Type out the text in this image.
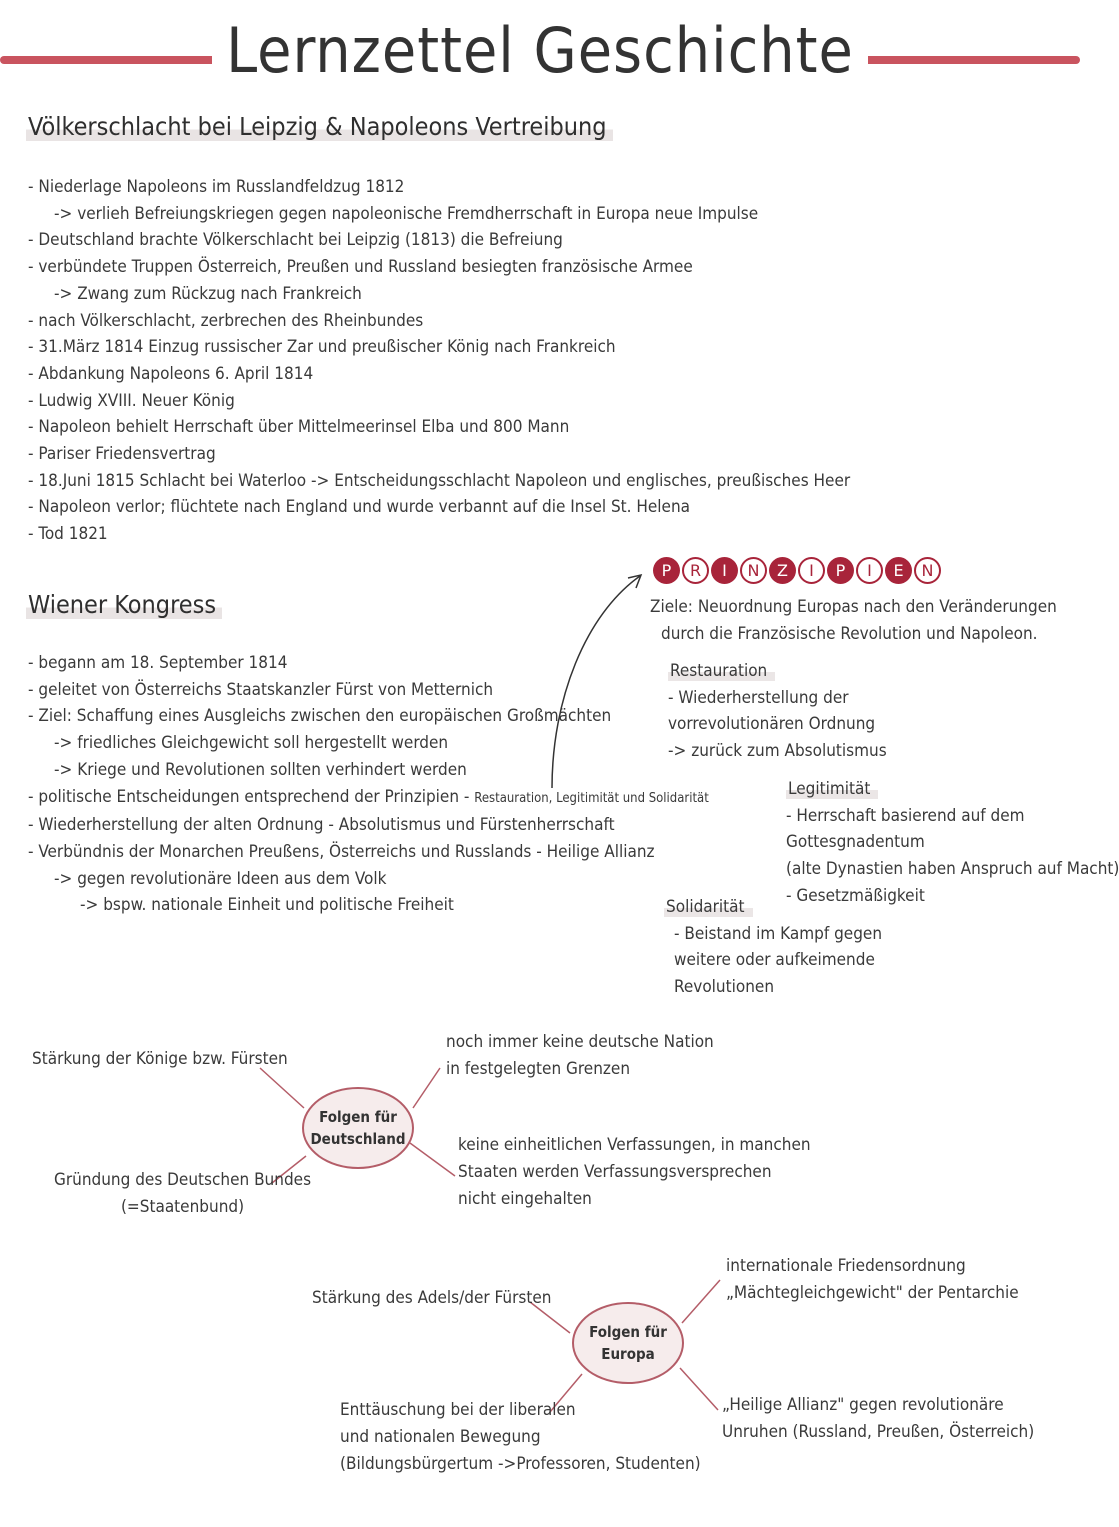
Lernzettel Geschichte
Völkerschlacht bei Leipzig & Napoleons Vertreibung
- Niederlage Napoleons im Russlandfeldzug 1812
-> verlieh Befreiungskriegen gegen napoleonische Fremdherrschaft in Europa neue Impulse
- Deutschland brachte Völkerschlacht bei Leipzig (1813) die Befreiung
- verbündete Truppen Österreich, Preußen und Russland besiegten französische Armee
-> Zwang zum Rückzug nach Frankreich
- nach Völkerschlacht, zerbrechen des Rheinbundes
- 31.März 1814 Einzug russischer Zar und preußischer König nach Frankreich
- Abdankung Napoleons 6. April 1814
- Ludwig XVIII. Neuer König
- Napoleon behielt Herrschaft über Mittelmeerinsel Elba und 800 Mann
- Pariser Friedensvertrag
- 18.Juni 1815 Schlacht bei Waterloo -> Entscheidungsschlacht Napoleon und englisches, preußisches Heer
- Napoleon verlor; flüchtete nach England und wurde verbannt auf die Insel St. Helena
- Tod 1821
Wiener Kongress
- begann am 18. September 1814
- geleitet von Österreichs Staatskanzler Fürst von Metternich
- Ziel: Schaffung eines Ausgleichs zwischen den europäischen Großmächten
-> friedliches Gleichgewicht soll hergestellt werden
-> Kriege und Revolutionen sollten verhindert werden
- politische Entscheidungen entsprechend der Prinzipien - Restauration, Legitimität und Solidarität
- Wiederherstellung der alten Ordnung - Absolutismus und Fürstenherrschaft
- Verbündnis der Monarchen Preußens, Österreichs und Russlands - Heilige Allianz
-> gegen revolutionäre Ideen aus dem Volk
-> bspw. nationale Einheit und politische Freiheit
P	R	I	N	Z	I	P	I	E	N
Ziele: Neuordnung Europas nach den Veränderungen
durch die Französische Revolution und Napoleon.
Restauration
- Wiederherstellung der
vorrevolutionären Ordnung
-> zurück zum Absolutismus
Legitimität
- Herrschaft basierend auf dem
Gottesgnadentum
(alte Dynastien haben Anspruch auf Macht)
- Gesetzmäßigkeit
Solidarität
- Beistand im Kampf gegen
weitere oder aufkeimende
Revolutionen
Folgen für
Deutschland
Stärkung der Könige bzw. Fürsten
Gründung des Deutschen Bundes
(=Staatenbund)
noch immer keine deutsche Nation
in festgelegten Grenzen
keine einheitlichen Verfassungen, in manchen
Staaten werden Verfassungsversprechen
nicht eingehalten
Folgen für
Europa
Stärkung des Adels/der Fürsten
Enttäuschung bei der liberalen
und nationalen Bewegung
(Bildungsbürgertum ->Professoren, Studenten)
internationale Friedensordnung
„Mächtegleichgewicht" der Pentarchie
„Heilige Allianz" gegen revolutionäre
Unruhen (Russland, Preußen, Österreich)
